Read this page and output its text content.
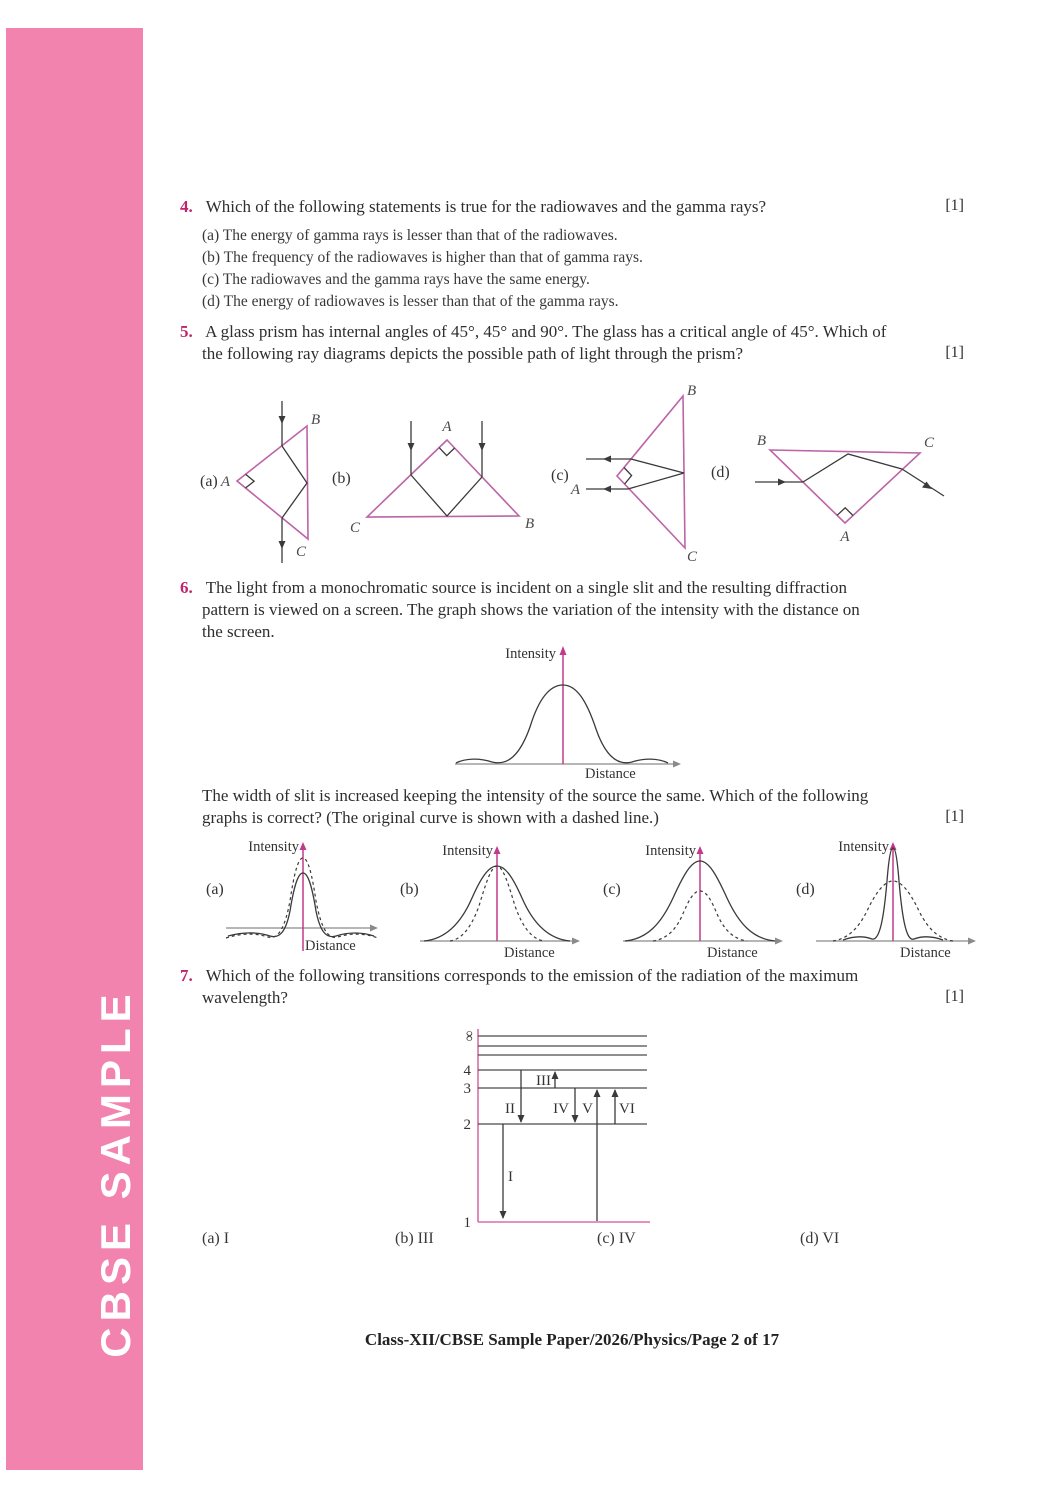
CBSE SAMPLE
[1]
4. Which of the following statements is true for the radiowaves and the gamma rays?
(a) The energy of gamma rays is lesser than that of the radiowaves.
(b) The frequency of the radiowaves is higher than that of gamma rays.
(c) The radiowaves and the gamma rays have the same energy.
(d) The energy of radiowaves is lesser than that of the gamma rays.
5. A glass prism has internal angles of 45°, 45° and 90°. The glass has a critical angle of 45°. Which of
[1]
the following ray diagrams depicts the possible path of light through the prism?
(a) A
B
C
(b)
A
B
C
(c)
A
B
C
(d)
B	C
A
6. The light from a monochromatic source is incident on a single slit and the resulting diffraction
pattern is viewed on a screen. The graph shows the variation of the intensity with the distance on
the screen.
Intensity
Distance
The width of slit is increased keeping the intensity of the source the same. Which of the following
[1]
graphs is correct? (The original curve is shown with a dashed line.)
(a)
Intensity
Distance
(b)
Intensity
Distance
(c)
Intensity
Distance
(d)
Intensity
Distance
7. Which of the following transitions corresponds to the emission of the radiation of the maximum
[1]
wavelength?
∞
4
3
2
1
I
II
III
IV V VI
(a) I	(b) III	(c) IV	(d) VI
Class-XII/CBSE Sample Paper/2026/Physics/Page 2 of 17
